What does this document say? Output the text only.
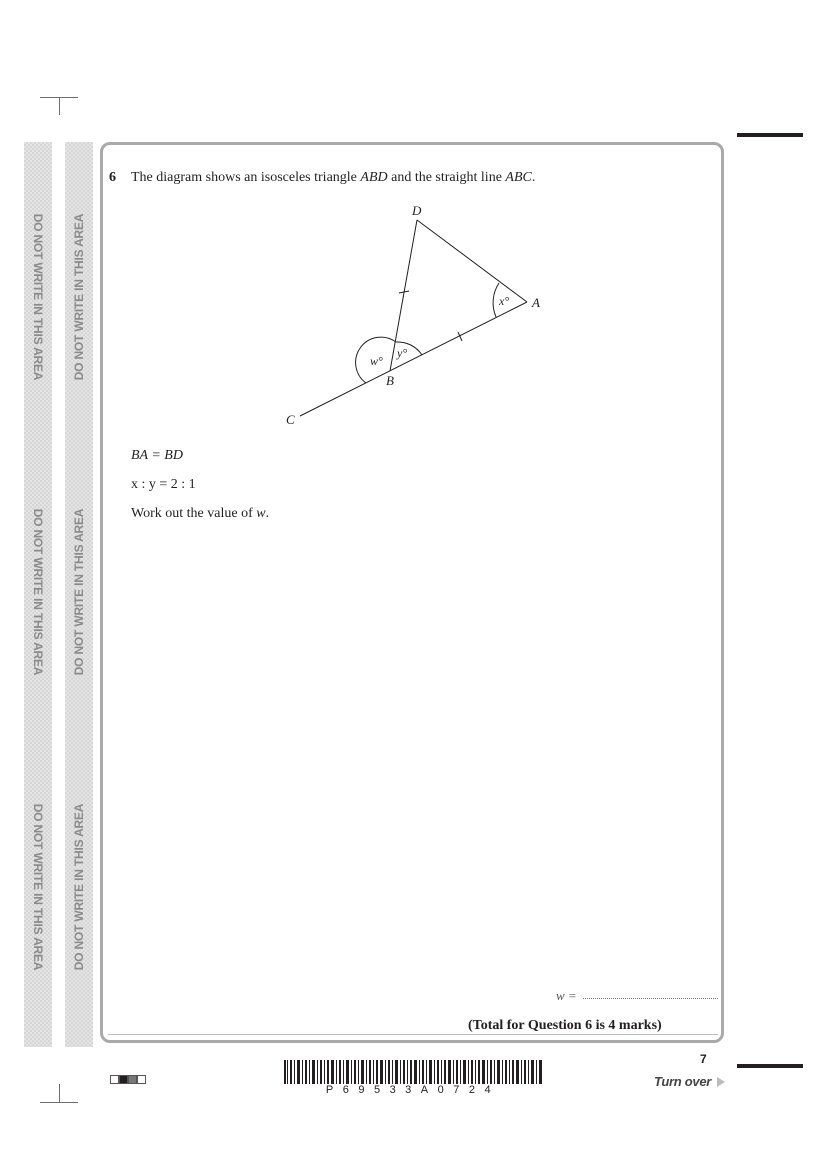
DO NOT WRITE IN THIS AREA
DO NOT WRITE IN THIS AREA
DO NOT WRITE IN THIS AREA
DO NOT WRITE IN THIS AREA
DO NOT WRITE IN THIS AREA
DO NOT WRITE IN THIS AREA
6 The diagram shows an isosceles triangle ABD and the straight line ABC.
D
A
B
C
w°
y°
x°
BA = BD
x : y = 2 : 1
Work out the value of w.
w =
(Total for Question 6 is 4 marks)
P69533A0724
7
Turn over
